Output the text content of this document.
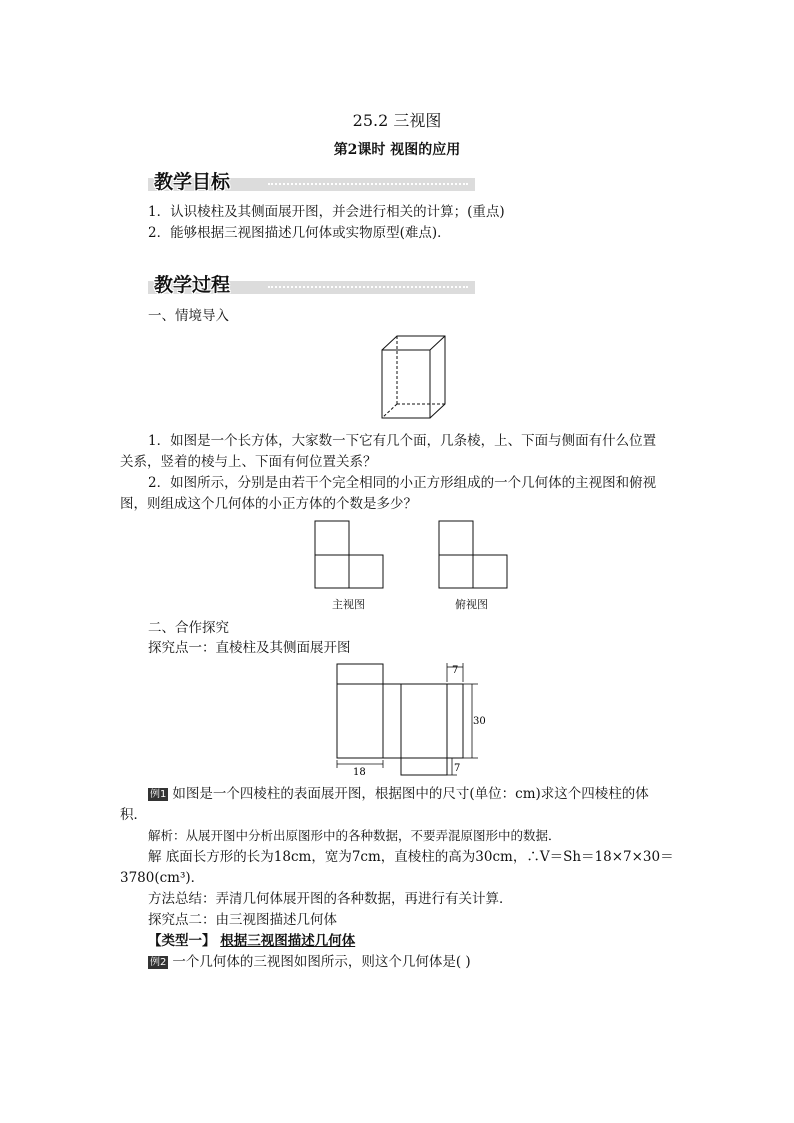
25.2 三视图
第2课时 视图的应用
教学目标
1．认识棱柱及其侧面展开图，并会进行相关的计算；(重点)
2．能够根据三视图描述几何体或实物原型(难点)．
教学过程
一、情境导入
1．如图是一个长方体，大家数一下它有几个面，几条棱，上、下面与侧面有什么位置
关系，竖着的棱与上、下面有何位置关系？
2．如图所示，分别是由若干个完全相同的小正方形组成的一个几何体的主视图和俯视
图，则组成这个几何体的小正方体的个数是多少？
主视图	俯视图
二、合作探究
探究点一：直棱柱及其侧面展开图
7
30
18	7
例1 如图是一个四棱柱的表面展开图，根据图中的尺寸(单位：cm)求这个四棱柱的体
积．
解析：从展开图中分析出原图形中的各种数据，不要弄混原图形中的数据．
解 底面长方形的长为18cm，宽为7cm，直棱柱的高为30cm，∴V＝Sh＝18×7×30＝
3780(cm³)．
方法总结：弄清几何体展开图的各种数据，再进行有关计算．
探究点二：由三视图描述几何体
【类型一】 根据三视图描述几何体
例2 一个几何体的三视图如图所示，则这个几何体是( )
